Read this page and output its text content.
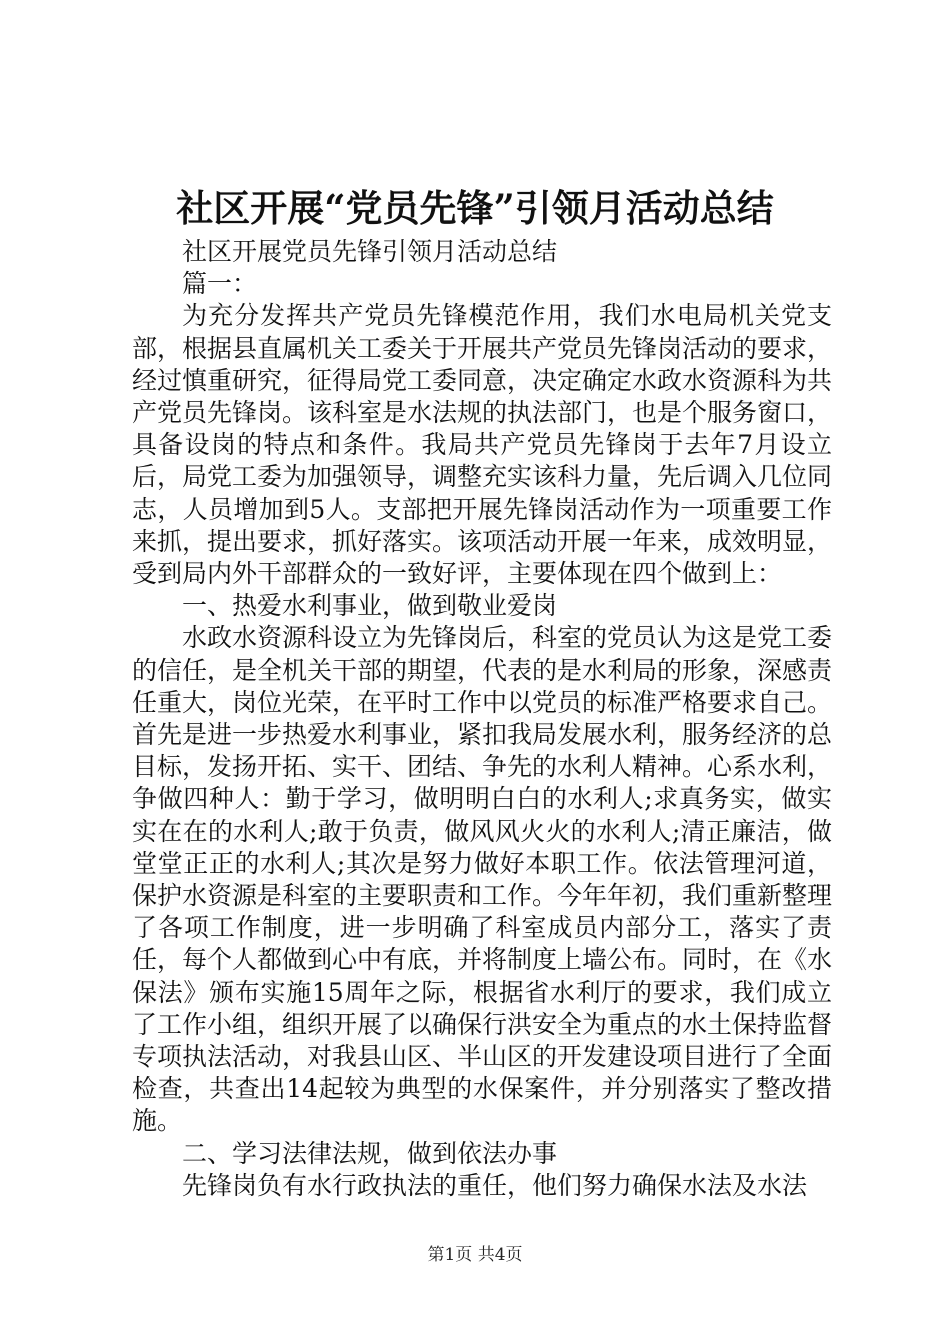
社区开展“党员先锋”引领月活动总结

社区开展党员先锋引领月活动总结

篇一：

为充分发挥共产党员先锋模范作用，我们水电局机关党支部，根据县直属机关工委关于开展共产党员先锋岗活动的要求，经过慎重研究，征得局党工委同意，决定确定水政水资源科为共产党员先锋岗。该科室是水法规的执法部门，也是个服务窗口，具备设岗的特点和条件。我局共产党员先锋岗于去年7月设立后，局党工委为加强领导，调整充实该科力量，先后调入几位同志，人员增加到5人。支部把开展先锋岗活动作为一项重要工作来抓，提出要求，抓好落实。该项活动开展一年来，成效明显，受到局内外干部群众的一致好评，主要体现在四个做到上：

一、热爱水利事业，做到敬业爱岗

水政水资源科设立为先锋岗后，科室的党员认为这是党工委的信任，是全机关干部的期望，代表的是水利局的形象，深感责任重大，岗位光荣，在平时工作中以党员的标准严格要求自己。首先是进一步热爱水利事业，紧扣我局发展水利，服务经济的总目标，发扬开拓、实干、团结、争先的水利人精神。心系水利，争做四种人：勤于学习，做明明白白的水利人;求真务实，做实实在在的水利人;敢于负责，做风风火火的水利人;清正廉洁，做堂堂正正的水利人;其次是努力做好本职工作。依法管理河道，保护水资源是科室的主要职责和工作。今年年初，我们重新整理了各项工作制度，进一步明确了科室成员内部分工，落实了责任，每个人都做到心中有底，并将制度上墙公布。同时，在《水保法》颁布实施15周年之际，根据省水利厅的要求，我们成立了工作小组，组织开展了以确保行洪安全为重点的水土保持监督专项执法活动，对我县山区、半山区的开发建设项目进行了全面检查，共查出14起较为典型的水保案件，并分别落实了整改措施。

二、学习法律法规，做到依法办事

先锋岗负有水行政执法的重任，他们努力确保水法及水法

第1页 共4页
